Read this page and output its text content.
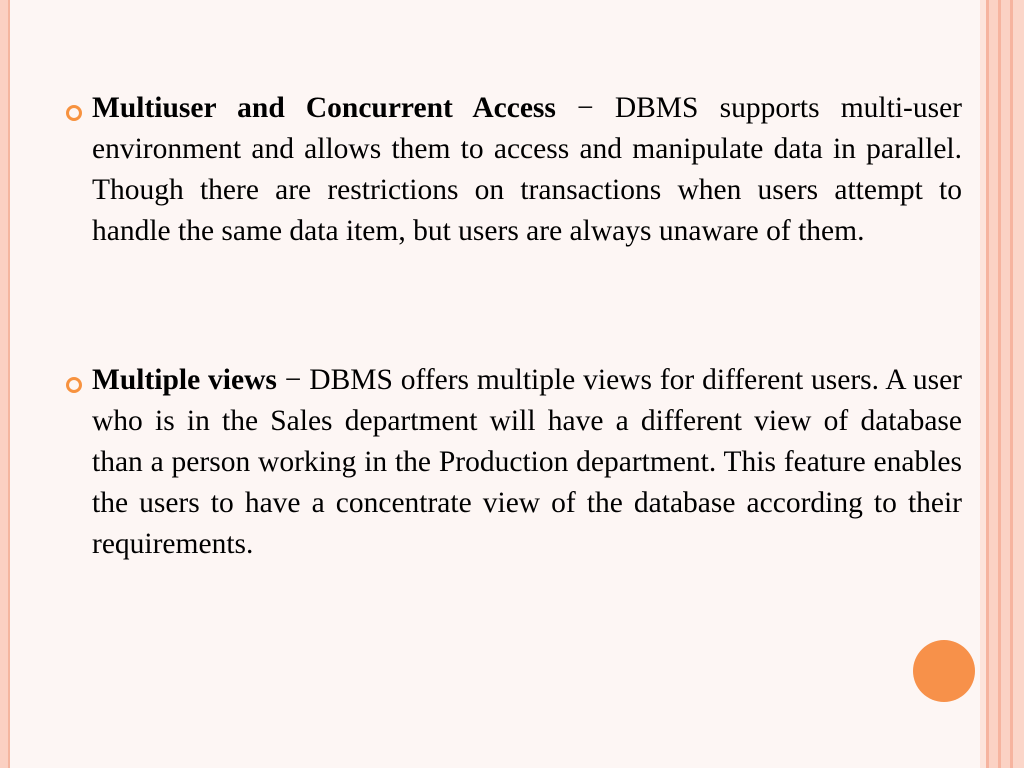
Multiuser and Concurrent Access − DBMS supports multi-user environment and allows them to access and manipulate data in parallel. Though there are restrictions on transactions when users attempt to handle the same data item, but users are always unaware of them.
Multiple views − DBMS offers multiple views for different users. A user who is in the Sales department will have a different view of database than a person working in the Production department. This feature enables the users to have a concentrate view of the database according to their requirements.
